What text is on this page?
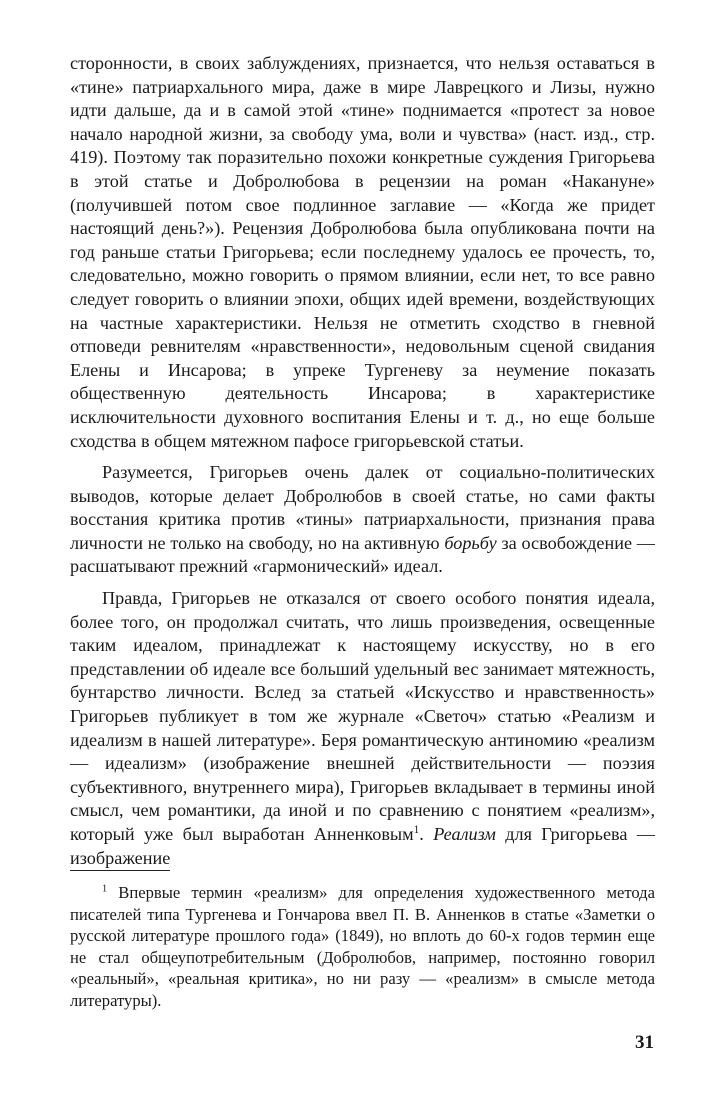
сторонности, в своих заблуждениях, признается, что нельзя оставаться в «тине» патриархального мира, даже в мире Лаврецкого и Лизы, нужно идти дальше, да и в самой этой «тине» поднимается «протест за новое начало народной жизни, за свободу ума, воли и чувства» (наст. изд., стр. 419). Поэтому так поразительно похожи конкретные суждения Григорьева в этой статье и Добролюбова в рецензии на роман «Накануне» (получившей потом свое подлинное заглавие — «Когда же придет настоящий день?»). Рецензия Добролюбова была опубликована почти на год раньше статьи Григорьева; если последнему удалось ее прочесть, то, следовательно, можно говорить о прямом влиянии, если нет, то все равно следует говорить о влиянии эпохи, общих идей времени, воздействующих на частные характеристики. Нельзя не отметить сходство в гневной отповеди ревнителям «нравственности», недовольным сценой свидания Елены и Инсарова; в упреке Тургеневу за неумение показать общественную деятельность Инсарова; в характеристике исключительности духовного воспитания Елены и т. д., но еще больше сходства в общем мятежном пафосе григорьевской статьи.

Разумеется, Григорьев очень далек от социально-политических выводов, которые делает Добролюбов в своей статье, но сами факты восстания критика против «тины» патриархальности, признания права личности не только на свободу, но на активную борьбу за освобождение — расшатывают прежний «гармонический» идеал.

Правда, Григорьев не отказался от своего особого понятия идеала, более того, он продолжал считать, что лишь произведения, освещенные таким идеалом, принадлежат к настоящему искусству, но в его представлении об идеале все больший удельный вес занимает мятежность, бунтарство личности. Вслед за статьей «Искусство и нравственность» Григорьев публикует в том же журнале «Светоч» статью «Реализм и идеализм в нашей литературе». Беря романтическую антиномию «реализм — идеализм» (изображение внешней действительности — поэзия субъективного, внутреннего мира), Григорьев вкладывает в термины иной смысл, чем романтики, да иной и по сравнению с понятием «реализм», который уже был выработан Анненковым$^1$. Реализм для Григорьева — изображение

$^1$ Впервые термин «реализм» для определения художественного метода писателей типа Тургенева и Гончарова ввел П. В. Анненков в статье «Заметки о русской литературе прошлого года» (1849), но вплоть до 60-х годов термин еще не стал общеупотребительным (Добролюбов, например, постоянно говорил «реальный», «реальная критика», но ни разу — «реализм» в смысле метода литературы).

31
